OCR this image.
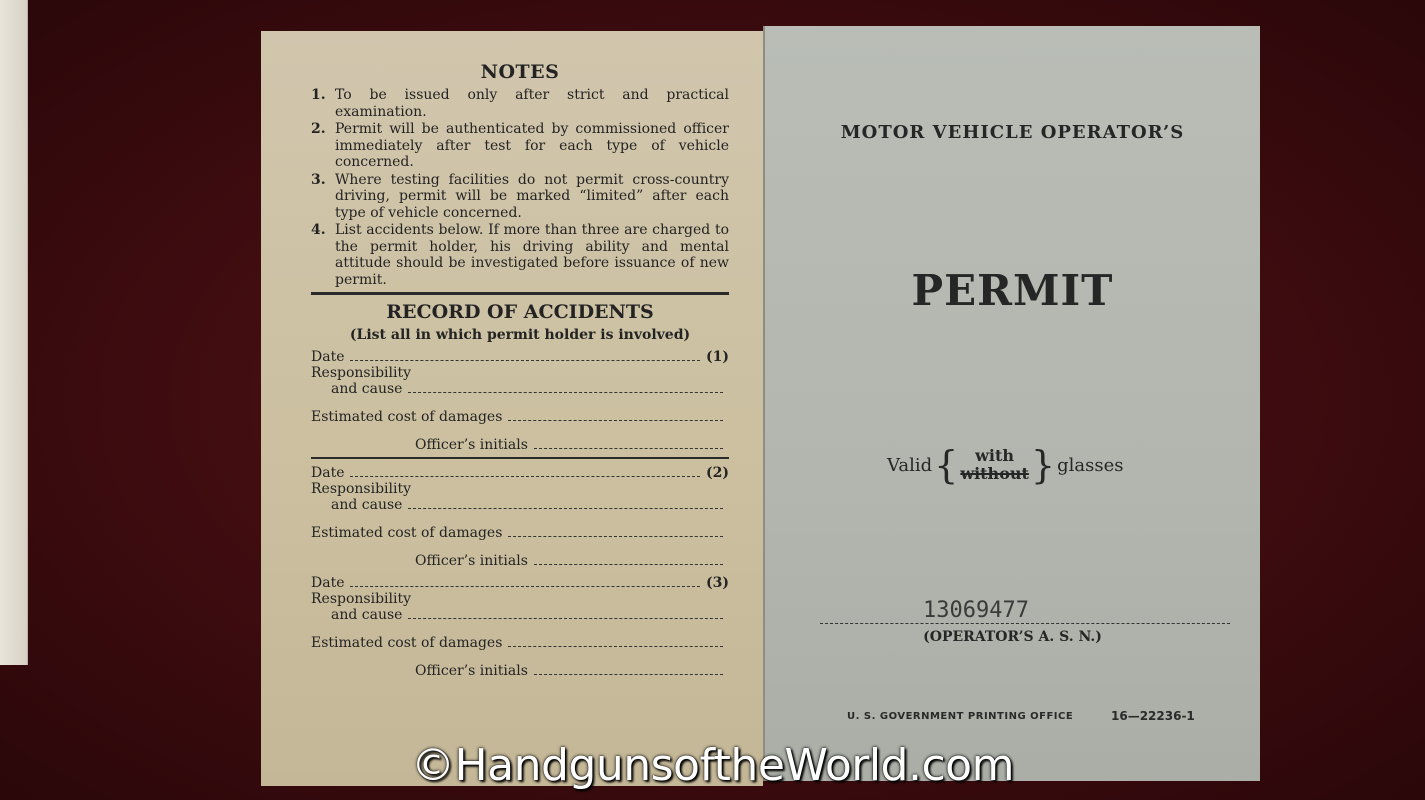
NOTES
1. To be issued only after strict and practical examination.
2. Permit will be authenticated by commissioned officer immediately after test for each type of vehicle concerned.
3. Where testing facilities do not permit cross-country driving, permit will be marked “limited” after each type of vehicle concerned.
4. List accidents below. If more than three are charged to the permit holder, his driving ability and mental attitude should be investigated before issuance of new permit.
RECORD OF ACCIDENTS
(List all in which permit holder is involved)
Date	(1)
Responsibility
and cause
Estimated cost of damages
Officer’s initials
Date	(2)
Responsibility
and cause
Estimated cost of damages
Officer’s initials
Date	(3)
Responsibility
and cause
Estimated cost of damages
Officer’s initials
MOTOR VEHICLE OPERATOR’S
PERMIT
Valid { with
without } glasses
13069477
(OPERATOR’S A. S. N.)
U. S. GOVERNMENT PRINTING OFFICE	16—22236-1
©HandgunsoftheWorld.com
